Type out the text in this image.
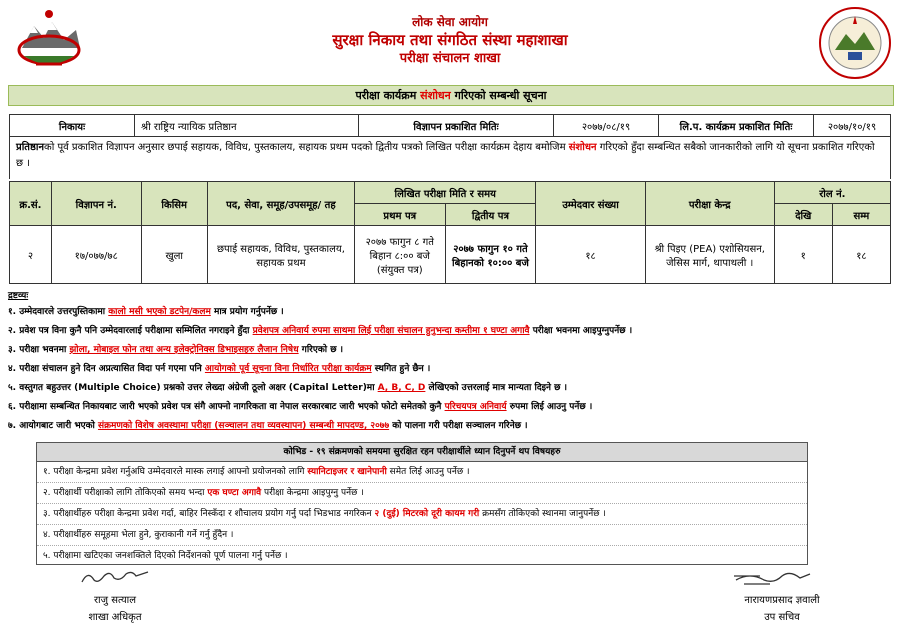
लोक सेवा आयोग
सुरक्षा निकाय तथा संगठित संस्था महाशाखा
परीक्षा संचालन शाखा
परीक्षा कार्यक्रम संशोधन गरिएको सम्बन्धी सूचना
निकायः	श्री राष्ट्रिय न्यायिक प्रतिष्ठान	विज्ञापन प्रकाशित मितिः	२०७७/०८/१९	लि.प. कार्यक्रम प्रकाशित मितिः	२०७७/१०/१९
प्रतिष्ठानको पूर्व प्रकाशित विज्ञापन अनुसार छपाई सहायक, विविध, पुस्तकालय, सहायक प्रथम पदको द्वितीय पत्रको लिखित परीक्षा कार्यक्रम देहाय बमोजिम संशोधन गरिएको हुँदा सम्बन्धित सबैको जानकारीको लागि यो सूचना प्रकाशित गरिएको छ ।
क्र.सं.	विज्ञापन नं.	किसिम	पद, सेवा, समूह/उपसमूह/ तह	लिखित परीक्षा मिति र समय		उम्मेदवार संख्या	परीक्षा केन्द्र	रोल नं.	
				प्रथम पत्र	द्वितीय पत्र			देखि	सम्म
२	१७/०७७/७८	खुला	छपाई सहायक, विविध, पुस्तकालय, सहायक प्रथम	२०७७ फागुन ८ गते बिहान ८:०० बजे (संयुक्त पत्र)	२०७७ फागुन १० गते बिहानको १०:०० बजे	१८	श्री पिइए (PEA) एशोसियसन, जेसिस मार्ग, थापाथली ।	१	१८
द्रष्टव्यः
१. उम्मेदवारले उत्तरपुस्तिकामा कालो मसी भएको डटपेन/कलम मात्र प्रयोग गर्नुपर्नेछ ।
२. प्रवेश पत्र विना कुनै पनि उम्मेदवारलाई परीक्षामा सम्मिलित नगराइने हुँदा प्रवेशपत्र अनिवार्य रुपमा साथमा लिई परीक्षा संचालन हुनुभन्दा कम्तीमा १ घण्टा अगावै परीक्षा भवनमा आइपुग्नुपर्नेछ ।
३. परीक्षा भवनमा झोला, मोबाइल फोन तथा अन्य इलेक्ट्रोनिक्स डिभाइसहरु लैजान निषेध गरिएको छ ।
४. परीक्षा संचालन हुने दिन अप्रत्यासित विदा पर्न गएमा पनि आयोगको पूर्व सूचना विना निर्धारित परीक्षा कार्यक्रम स्थगित हुने छैन ।
५. वस्तुगत बहुउत्तर (Multiple Choice) प्रश्नको उत्तर लेख्दा अंग्रेजी ठूलो अक्षर (Capital Letter)मा A, B, C, D लेखिएको उत्तरलाई मात्र मान्यता दिइने छ ।
६. परीक्षामा सम्बन्धित निकायबाट जारी भएको प्रवेश पत्र संगै आफ्नो नागरिकता वा नेपाल सरकारबाट जारी भएको फोटो समेतको कुनै परिचयपत्र अनिवार्य रुपमा लिई आउनु पर्नेछ ।
७. आयोगबाट जारी भएको संक्रमणको विशेष अवस्थामा परीक्षा (सञ्चालन तथा व्यवस्थापन) सम्बन्धी मापदण्ड, २०७७ को पालना गरी परीक्षा सञ्चालन गरिनेछ ।
कोभिड - १९ संक्रमणको समयमा सुरक्षित रहन परीक्षार्थीले ध्यान दिनुपर्ने थप विषयहरु
१. परीक्षा केन्द्रमा प्रवेश गर्नुअघि उम्मेदवारले मास्क लगाई आफ्नो प्रयोजनको लागि स्यानिटाइजर र खानेपानी समेत लिई आउनु पर्नेछ ।
२. परीक्षार्थी परीक्षाको लागि तोकिएको समय भन्दा एक घण्टा अगावै परीक्षा केन्द्रमा आइपुग्नु पर्नेछ ।
३. परीक्षार्थीहरु परीक्षा केन्द्रमा प्रवेश गर्दा, बाहिर निस्कँदा र शौचालय प्रयोग गर्नु पर्दा भिडभाड नगरिकन २ (दुई) मिटरको दूरी कायम गरी क्रमसँग तोकिएको स्थानमा जानुपर्नेछ ।
४. परीक्षार्थीहरु समूहमा भेला हुने, कुराकानी गर्ने गर्नु हुँदैन ।
५. परीक्षामा खटिएका जनशक्तिले दिएको निर्देशनको पूर्ण पालना गर्नु पर्नेछ ।
राजु सत्याल
शाखा अधिकृत
नारायणप्रसाद ज्ञवाली
उप सचिव
